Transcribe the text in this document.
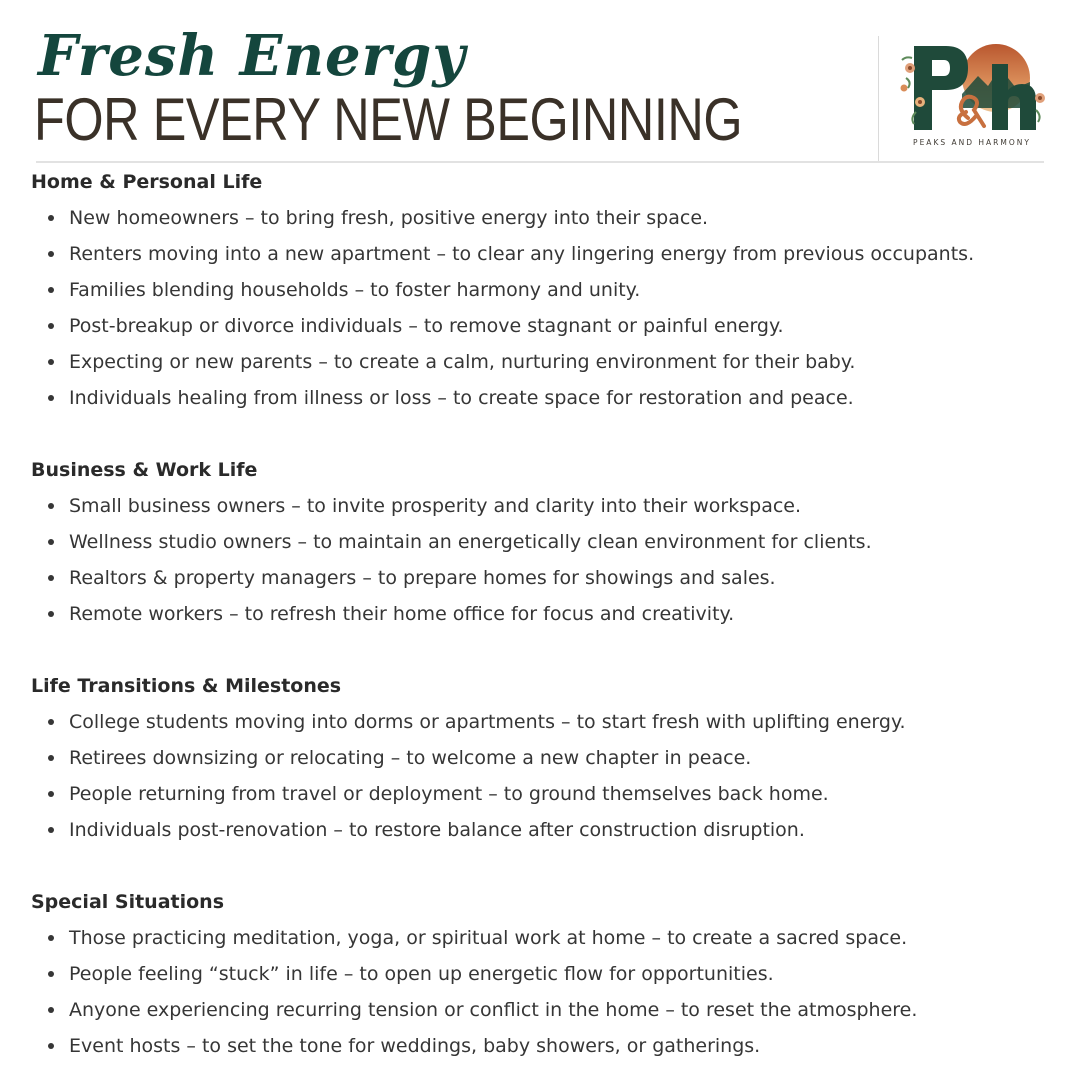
Fresh Energy
FOR EVERY NEW BEGINNING	PEAKS AND HARMONY
Home & Personal Life
New homeowners – to bring fresh, positive energy into their space.
Renters moving into a new apartment – to clear any lingering energy from previous occupants.
Families blending households – to foster harmony and unity.
Post-breakup or divorce individuals – to remove stagnant or painful energy.
Expecting or new parents – to create a calm, nurturing environment for their baby.
Individuals healing from illness or loss – to create space for restoration and peace.
Business & Work Life
Small business owners – to invite prosperity and clarity into their workspace.
Wellness studio owners – to maintain an energetically clean environment for clients.
Realtors & property managers – to prepare homes for showings and sales.
Remote workers – to refresh their home office for focus and creativity.
Life Transitions & Milestones
College students moving into dorms or apartments – to start fresh with uplifting energy.
Retirees downsizing or relocating – to welcome a new chapter in peace.
People returning from travel or deployment – to ground themselves back home.
Individuals post-renovation – to restore balance after construction disruption.
Special Situations
Those practicing meditation, yoga, or spiritual work at home – to create a sacred space.
People feeling “stuck” in life – to open up energetic flow for opportunities.
Anyone experiencing recurring tension or conflict in the home – to reset the atmosphere.
Event hosts – to set the tone for weddings, baby showers, or gatherings.
